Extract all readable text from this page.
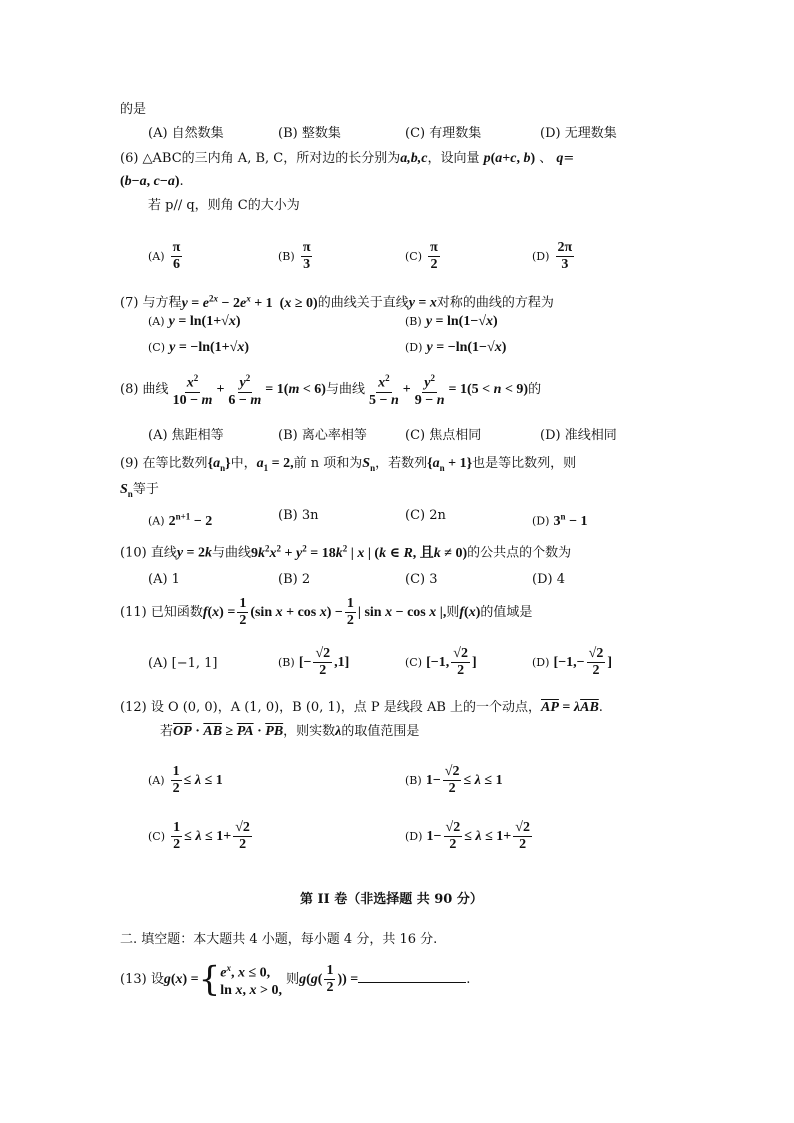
的是
(A) 自然数集	(B) 整数集	(C) 有理数集	(D) 无理数集
(6) △ABC的三内角 A, B, C，所对边的长分别为a,b,c，设向量 p(a+c, b) 、 q=
(b−a, c−a).
若 p// q，则角 C的大小为
$(A) \frac{\pi}{6}$	$(B) \frac{\pi}{3}$	$(C) \frac{\pi}{2}$	$(D) \frac{2\pi}{3}$
(7) 与方程$y = e^{2x} - 2e^x + 1$  (x ≥ 0)的曲线关于直线y = x对称的曲线的方程为
(A) y = ln(1+√x)	(B) y = ln(1−√x)
(C) y = −ln(1+√x)	(D) y = −ln(1−√x)
(8) 曲线 $\frac{x^2}{10 - m} + \frac{y^2}{6 - m} = 1(m < 6)$与曲线 $\frac{x^2}{5 - n} + \frac{y^2}{9 - n} = 1(5 < n < 9)$的
(A) 焦距相等	(B) 离心率相等	(C) 焦点相同	(D) 准线相同
(9) 在等比数列$\{a_n\}$中，$a_1 = 2$,前 n 项和为$S_n$，若数列$\{a_n + 1\}$也是等比数列，则
$S_n$等于
(A) $2^{n+1} - 2$	(B) 3n	(C) 2n	(D) $3^n - 1$
(10) 直线y = 2k与曲线$9k^2x^2 + y^2 = 18k^2$ | x | (k ∈ R, 且k ≠ 0)的公共点的个数为
(A) 1	(B) 2	(C) 3	(D) 4
(11) 已知函数$f(x) = \frac{1}{2} (\sin$ $x + \cos x) - \frac{1}{2}$ | sin x − cos x |,则f(x)的值域是
(A) [−1, 1]	(B) [− $\frac{√2}{2} ,1$]	(C) [−1, $\frac{√2}{2}$ ]	(D) [$-1,- \frac{√2}{2}$ ]
(12) 设 O (0, 0)，A (1, 0)，B (0, 1)，点 P 是线段 AB 上的一个动点，$\overline{AP} = \lambda\overline{AB}$.
若$\overline{OP} \cdot \overline{AB} \ge \overline{PA} \cdot \overline{PB}$，则实数λ的取值范围是
$(A) \frac{1}{2} \le \lambda \le 1$	(B) $1- \frac{√2}{2} \le \lambda \le 1$
$(C) \frac{1}{2} \le \lambda \le 1+ \frac{√2}{2}$	(D) $1- \frac{√2}{2} \le \lambda \le 1+ \frac{√2}{2}$
第 II 卷（非选择题 共 90 分）
二. 填空题：本大题共 4 小题，每小题 4 分，共 16 分.
(13) 设g(x) ={ $e^x$, x ≤ 0,
ln x, x > 0,
则$g(g( \frac{1}{2}$ )) =	.
